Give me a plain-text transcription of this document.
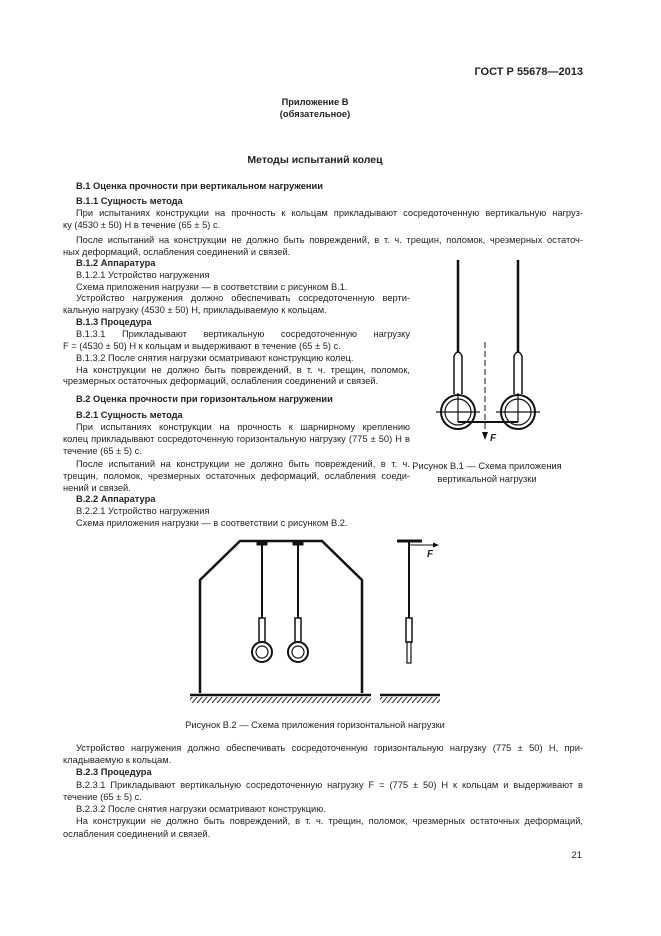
ГОСТ Р 55678—2013
Приложение В
(обязательное)
Методы испытаний колец
В.1 Оценка прочности при вертикальном нагружении
В.1.1 Сущность метода
При испытаниях конструкции на прочность к кольцам прикладывают сосредоточенную вертикальную нагруз-
ку (4530 ± 50) Н в течение (65 ± 5) с.
После испытаний на конструкции не должно быть повреждений, в т. ч. трещин, поломок, чрезмерных остаточ-
ных деформаций, ослабления соединений и связей.
В.1.2 Аппаратура
В.1.2.1 Устройство нагружения
Схема приложения нагрузки — в соответствии с рисунком В.1.
Устройство нагружения должно обеспечивать сосредоточенную верти-
кальную нагрузку (4530 ± 50) Н, прикладываемую к кольцам.
В.1.3 Процедура
В.1.3.1 Прикладывают вертикальную сосредоточенную нагрузку
F = (4530 ± 50) Н к кольцам и выдерживают в течение (65 ± 5) с.
В.1.3.2 После снятия нагрузки осматривают конструкцию колец.
На конструкции не должно быть повреждений, в т. ч. трещин, поломок,
чрезмерных остаточных деформаций, ослабления соединений и связей.
В.2 Оценка прочности при горизонтальном нагружении
В.2.1 Сущность метода
При испытаниях конструкции на прочность к шарнирному креплению
колец прикладывают сосредоточенную горизонтальную нагрузку (775 ± 50) Н в
течение (65 ± 5) с.
После испытаний на конструкции не должно быть повреждений, в т. ч.
трещин, поломок, чрезмерных остаточных деформаций, ослабления соеди-
нений и связей.
В.2.2 Аппаратура
В.2.2.1 Устройство нагружения
Схема приложения нагрузки — в соответствии с рисунком В.2.
Устройство нагружения должно обеспечивать сосредоточенную горизонтальную нагрузку (775 ± 50) Н, при-
кладываемую к кольцам.
В.2.3 Процедура
В.2.3.1 Прикладывают вертикальную сосредоточенную нагрузку F = (775 ± 50) Н к кольцам и выдерживают в
течение (65 ± 5) с.
В.2.3.2 После снятия нагрузки осматривают конструкцию.
На конструкции не должно быть повреждений, в т. ч. трещин, поломок, чрезмерных остаточных деформаций,
ослабления соединений и связей.
F
Рисунок В.1 — Схема приложения
вертикальной нагрузки
F
Рисунок В.2 — Схема приложения горизонтальной нагрузки
21
